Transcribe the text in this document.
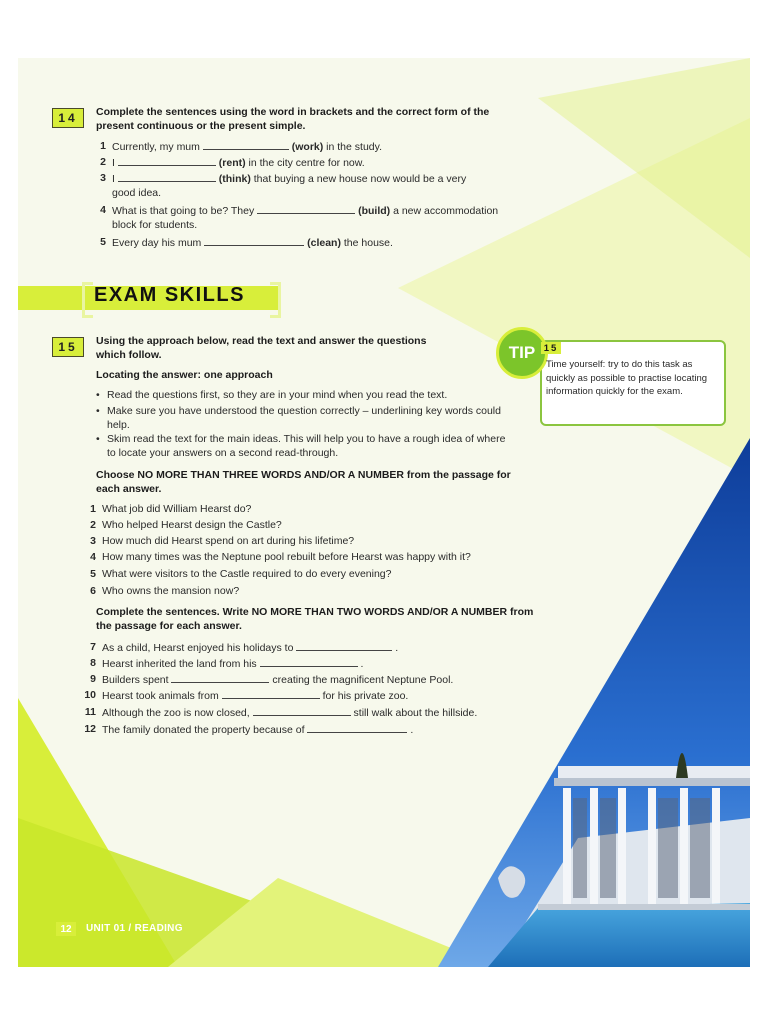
14	Complete the sentences using the word in brackets and the correct form of the present continuous or the present simple.
1 Currently, my mum	(work) in the study.
2 I	(rent) in the city centre for now.
3 I	(think) that buying a new house now would be a very
good idea.
4 What is that going to be? They	(build) a new accommodation
block for students.
5 Every day his mum	(clean) the house.
EXAM SKILLS
15	Using the approach below, read the text and answer the questions which follow.
Locating the answer: one approach
• Read the questions first, so they are in your mind when you read the text.
• Make sure you have understood the question correctly – underlining key words could help.
• Skim read the text for the main ideas. This will help you to have a rough idea of where to locate your answers on a second read-through.
Choose NO MORE THAN THREE WORDS AND/OR A NUMBER from the passage for each answer.
1 What job did William Hearst do?
2 Who helped Hearst design the Castle?
3 How much did Hearst spend on art during his lifetime?
4 How many times was the Neptune pool rebuilt before Hearst was happy with it?
5 What were visitors to the Castle required to do every evening?
6 Who owns the mansion now?
Complete the sentences. Write NO MORE THAN TWO WORDS AND/OR A NUMBER from the passage for each answer.
7 As a child, Hearst enjoyed his holidays to	.
8 Hearst inherited the land from his	.
9 Builders spent	creating the magnificent Neptune Pool.
10 Hearst took animals from	for his private zoo.
11 Although the zoo is now closed,	still walk about the hillside.
12 The family donated the property because of	.
TIP 15
Time yourself: try to do this task as quickly as possible to practise locating information quickly for the exam.
12	UNIT 01 / READING
